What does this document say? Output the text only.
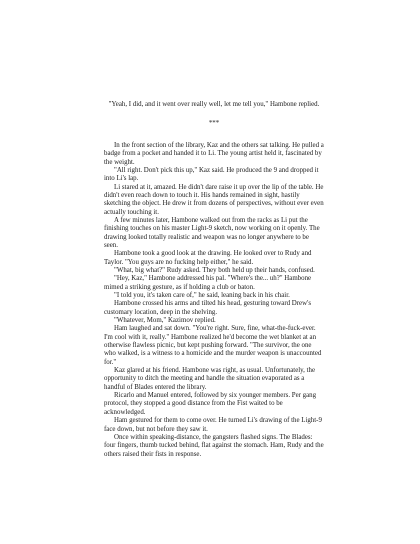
"Yeah, I did, and it went over really well, let me tell you," Hambone replied.

***

In the front section of the library, Kaz and the others sat talking. He pulled a badge from a pocket and handed it to Li. The young artist held it, fascinated by the weight.

"All right. Don't pick this up," Kaz said. He produced the 9 and dropped it into Li's lap.

Li stared at it, amazed. He didn't dare raise it up over the lip of the table. He didn't even reach down to touch it. His hands remained in sight, hastily sketching the object. He drew it from dozens of perspectives, without ever even actually touching it.

A few minutes later, Hambone walked out from the racks as Li put the finishing touches on his master Light-9 sketch, now working on it openly. The drawing looked totally realistic and weapon was no longer anywhere to be seen.

Hambone took a good look at the drawing. He looked over to Rudy and Taylor. "You guys are no fucking help either," he said.

"What, big what?" Rudy asked. They both held up their hands, confused.

"Hey, Kaz," Hambone addressed his pal. "Where's the... uh?" Hambone mimed a striking gesture, as if holding a club or baton.

"I told you, it's taken care of," he said, leaning back in his chair.

Hambone crossed his arms and tilted his head, gesturing toward Drew's customary location, deep in the shelving.

"Whatever, Mom," Kazimov replied.

Ham laughed and sat down. "You're right. Sure, fine, what-the-fuck-ever. I'm cool with it, really." Hambone realized he'd become the wet blanket at an otherwise flawless picnic, but kept pushing forward. "The survivor, the one who walked, is a witness to a homicide and the murder weapon is unaccounted for."

Kaz glared at his friend. Hambone was right, as usual. Unfortunately, the opportunity to ditch the meeting and handle the situation evaporated as a handful of Blades entered the library.

Ricarlo and Manuel entered, followed by six younger members. Per gang protocol, they stopped a good distance from the Fist waited to be acknowledged.

Ham gestured for them to come over. He turned Li's drawing of the Light-9 face down, but not before they saw it.

Once within speaking-distance, the gangsters flashed signs. The Blades: four fingers, thumb tucked behind, flat against the stomach. Ham, Rudy and the others raised their fists in response.
